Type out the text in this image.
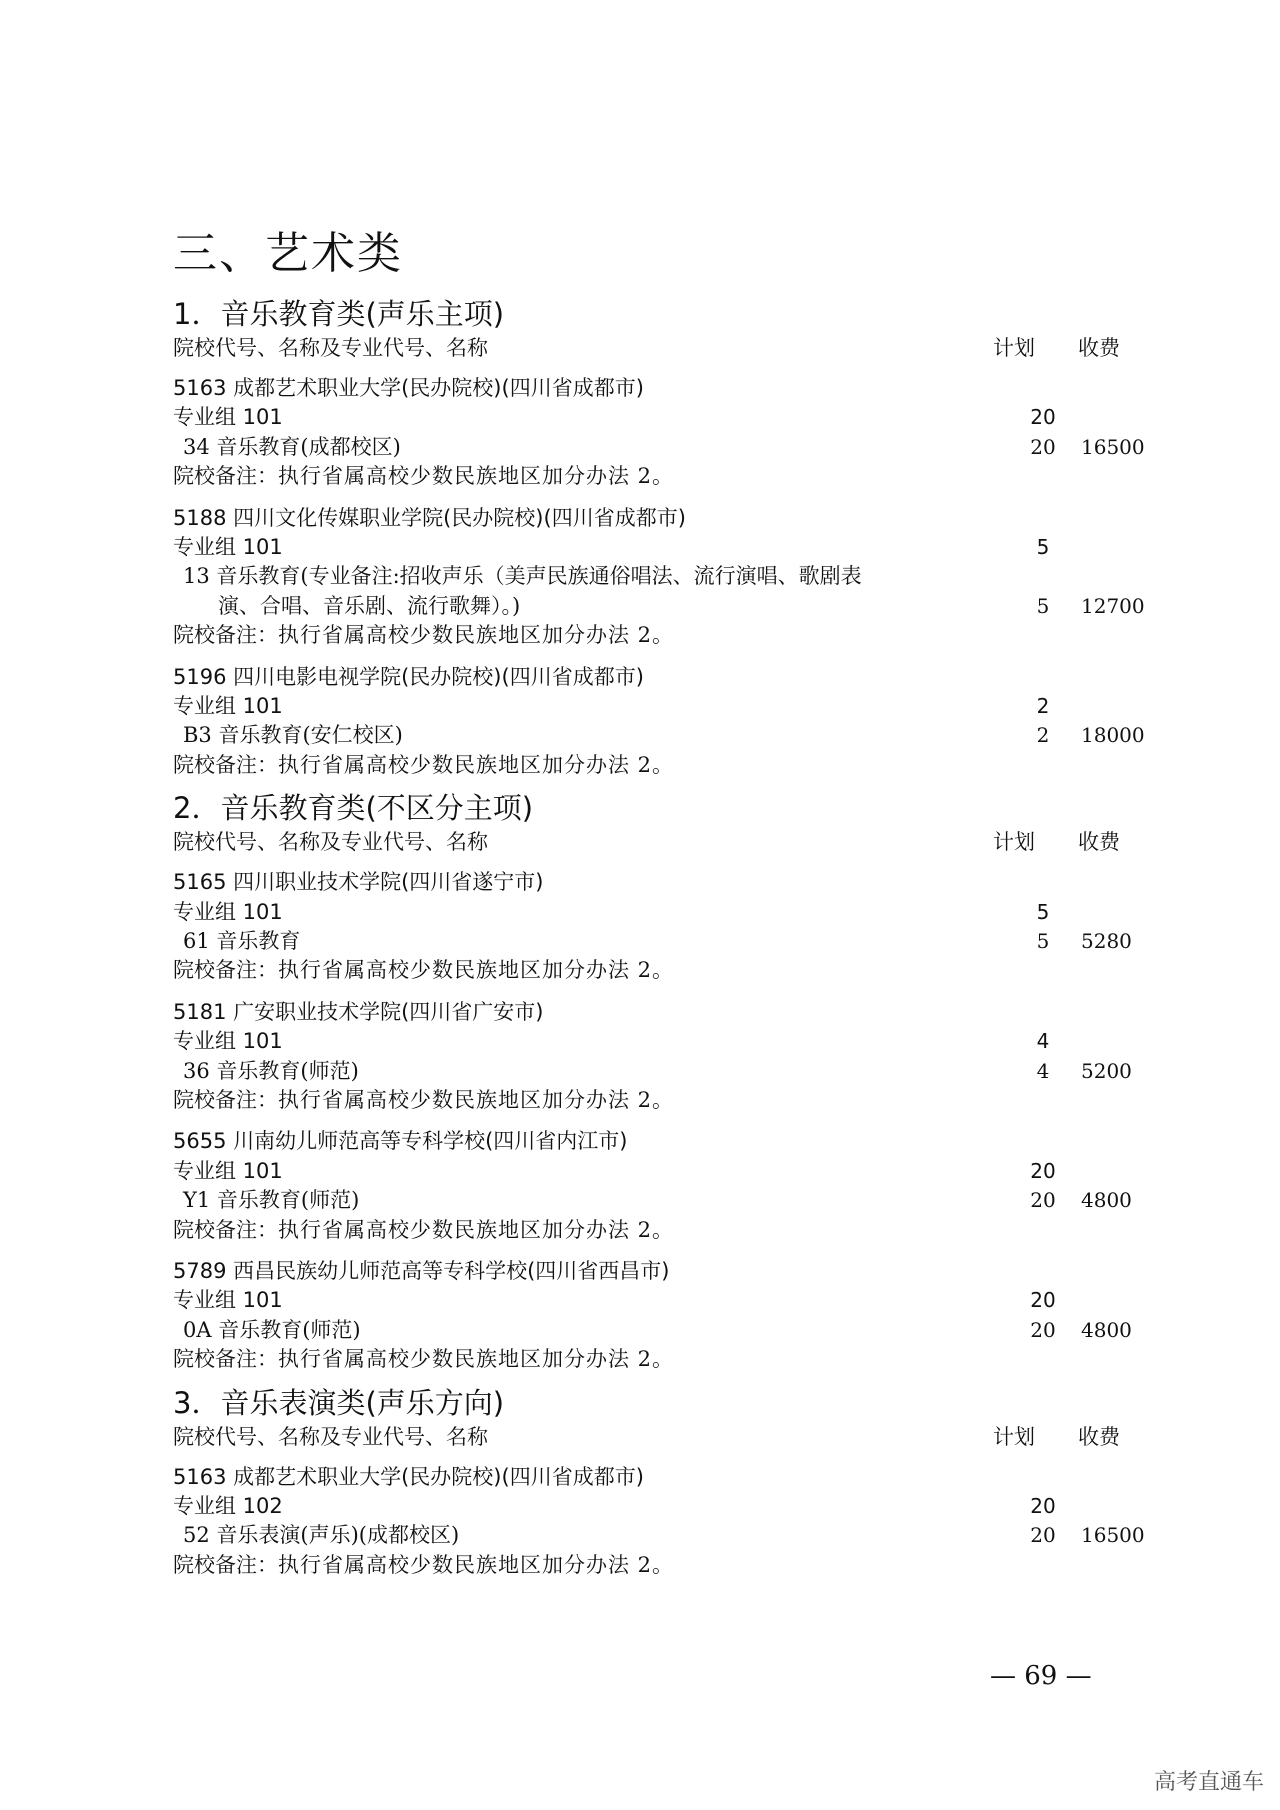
三、艺术类
— 69 —
高考直通车
1．音乐教育类(声乐主项)
院校代号、名称及专业代号、名称	计划 收费
5163 成都艺术职业大学(民办院校)(四川省成都市)
专业组 101	20
34 音乐教育(成都校区)	20	16500
院校备注：执行省属高校少数民族地区加分办法 2。
5188 四川文化传媒职业学院(民办院校)(四川省成都市)
专业组 101	5
13 音乐教育(专业备注:招收声乐（美声民族通俗唱法、流行演唱、歌剧表
演、合唱、音乐剧、流行歌舞）。)	5	12700
院校备注：执行省属高校少数民族地区加分办法 2。
5196 四川电影电视学院(民办院校)(四川省成都市)
专业组 101	2
B3 音乐教育(安仁校区)	2	18000
院校备注：执行省属高校少数民族地区加分办法 2。
2．音乐教育类(不区分主项)
院校代号、名称及专业代号、名称	计划 收费
5165 四川职业技术学院(四川省遂宁市)
专业组 101	5
61 音乐教育	5	5280
院校备注：执行省属高校少数民族地区加分办法 2。
5181 广安职业技术学院(四川省广安市)
专业组 101	4
36 音乐教育(师范)	4	5200
院校备注：执行省属高校少数民族地区加分办法 2。
5655 川南幼儿师范高等专科学校(四川省内江市)
专业组 101	20
Y1 音乐教育(师范)	20	4800
院校备注：执行省属高校少数民族地区加分办法 2。
5789 西昌民族幼儿师范高等专科学校(四川省西昌市)
专业组 101	20
0A 音乐教育(师范)	20	4800
院校备注：执行省属高校少数民族地区加分办法 2。
3．音乐表演类(声乐方向)
院校代号、名称及专业代号、名称	计划 收费
5163 成都艺术职业大学(民办院校)(四川省成都市)
专业组 102	20
52 音乐表演(声乐)(成都校区)	20	16500
院校备注：执行省属高校少数民族地区加分办法 2。
